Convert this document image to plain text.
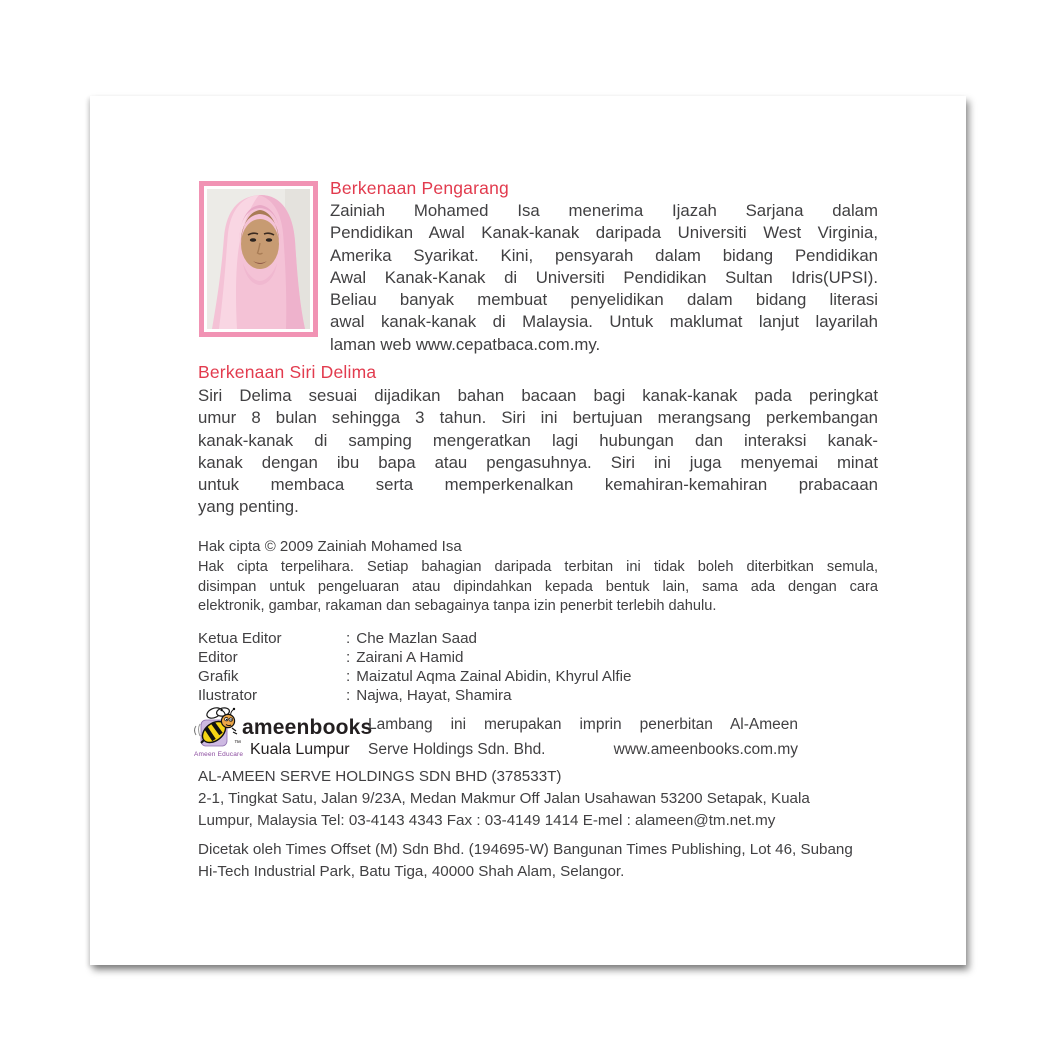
Berkenaan Pengarang
Zainiah Mohamed Isa menerima Ijazah Sarjana dalam
Pendidikan Awal Kanak-kanak daripada Universiti West Virginia,
Amerika Syarikat. Kini, pensyarah dalam bidang Pendidikan
Awal Kanak-Kanak di Universiti Pendidikan Sultan Idris(UPSI).
Beliau banyak membuat penyelidikan dalam bidang literasi
awal kanak-kanak di Malaysia. Untuk maklumat lanjut layarilah
laman web www.cepatbaca.com.my.
Berkenaan Siri Delima
Siri Delima sesuai dijadikan bahan bacaan bagi kanak-kanak pada peringkat
umur 8 bulan sehingga 3 tahun. Siri ini bertujuan merangsang perkembangan
kanak-kanak di samping mengeratkan lagi hubungan dan interaksi kanak-
kanak dengan ibu bapa atau pengasuhnya. Siri ini juga menyemai minat
untuk membaca serta memperkenalkan kemahiran-kemahiran prabacaan
yang penting.
Hak cipta © 2009 Zainiah Mohamed Isa
Hak cipta terpelihara. Setiap bahagian daripada terbitan ini tidak boleh diterbitkan semula,
disimpan untuk pengeluaran atau dipindahkan kepada bentuk lain, sama ada dengan cara
elektronik, gambar, rakaman dan sebagainya tanpa izin penerbit terlebih dahulu.
Ketua Editor	: Che Mazlan Saad
Editor	: Zairani A Hamid
Grafik	: Maizatul Aqma Zainal Abidin, Khyrul Alfie
Ilustrator	: Najwa, Hayat, Shamira
™
ameenbooks
Kuala Lumpur
Ameen Educare
Lambang ini merupakan imprin penerbitan Al-Ameen
Serve Holdings Sdn. Bhd.	www.ameenbooks.com.my
AL-AMEEN SERVE HOLDINGS SDN BHD (378533T)
2-1, Tingkat Satu, Jalan 9/23A, Medan Makmur Off Jalan Usahawan 53200 Setapak, Kuala
Lumpur, Malaysia Tel: 03-4143 4343 Fax : 03-4149 1414 E-mel : alameen@tm.net.my
Dicetak oleh Times Offset (M) Sdn Bhd. (194695-W) Bangunan Times Publishing, Lot 46, Subang
Hi-Tech Industrial Park, Batu Tiga, 40000 Shah Alam, Selangor.
